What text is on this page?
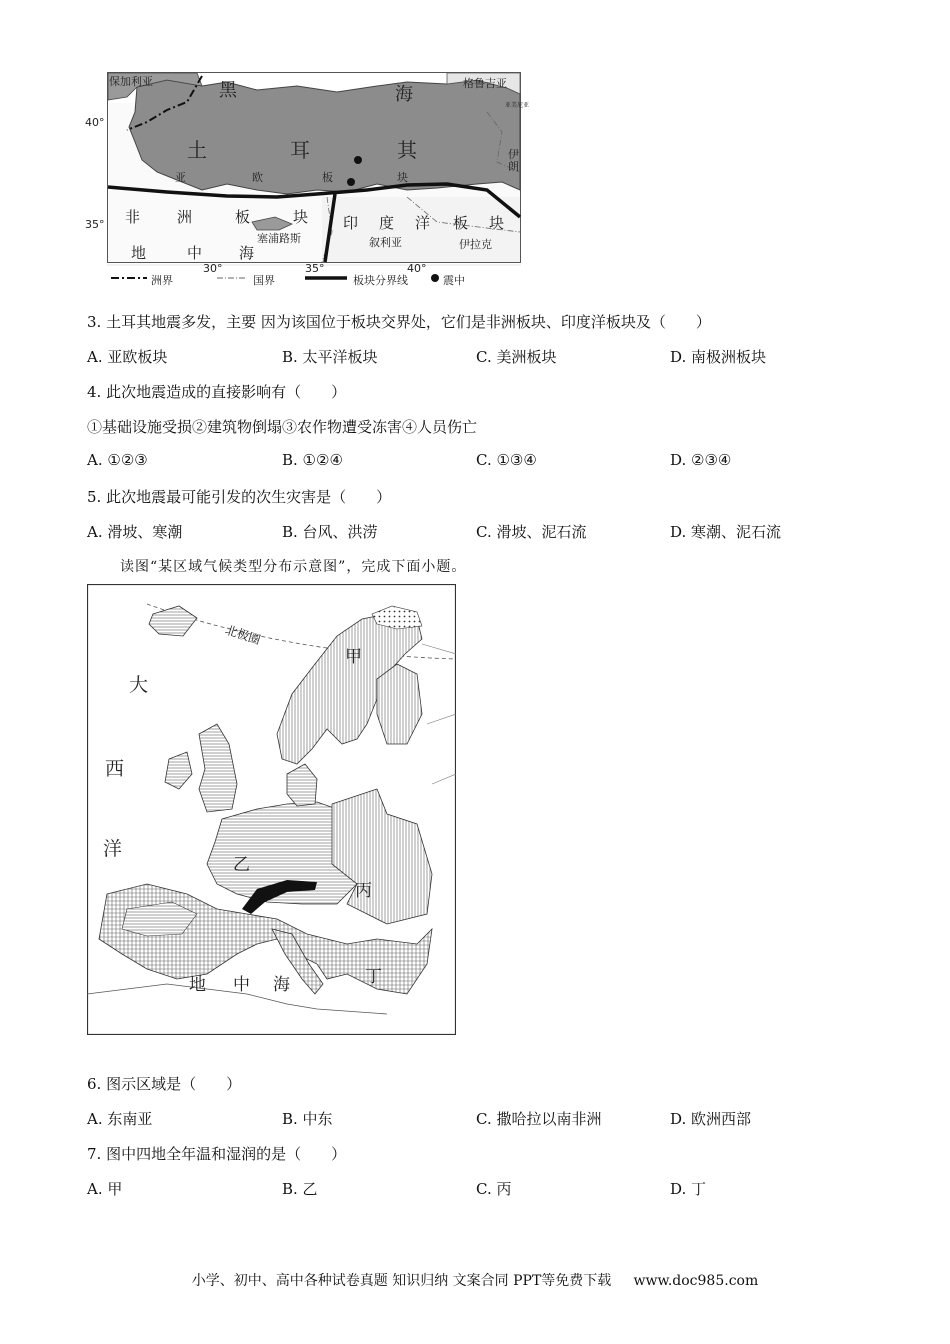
保加利亚	黑	海
格鲁吉亚
亚美尼亚
伊
朗
土	耳	其
亚	欧	板	块
非 洲	板	块 印 度 洋 板 块
地	中 海
塞浦路斯	叙利亚	伊拉克
40°
35°
30°	35°	40°
洲界	国界	板块分界线	震中
3. 土耳其地震多发，主要 因为该国位于板块交界处，它们是非洲板块、印度洋板块及（　　）
A. 亚欧板块	B. 太平洋板块	C. 美洲板块	D. 南极洲板块
4. 此次地震造成的直接影响有（　　）
①基础设施受损②建筑物倒塌③农作物遭受冻害④人员伤亡
A. ①②③	B. ①②④	C. ①③④	D. ②③④
5. 此次地震最可能引发的次生灾害是（　　）
A. 滑坡、寒潮	B. 台风、洪涝	C. 滑坡、泥石流	D. 寒潮、泥石流
读图“某区域气候类型分布示意图”，完成下面小题。
北极圈
甲
乙
丙
丁
大
西
洋
地 中 海
6. 图示区域是（　　）
A. 东南亚	B. 中东	C. 撒哈拉以南非洲	D. 欧洲西部
7. 图中四地全年温和湿润的是（　　）
A. 甲	B. 乙	C. 丙	D. 丁
小学、初中、高中各种试卷真题 知识归纳 文案合同 PPT等免费下载 www.doc985.com
